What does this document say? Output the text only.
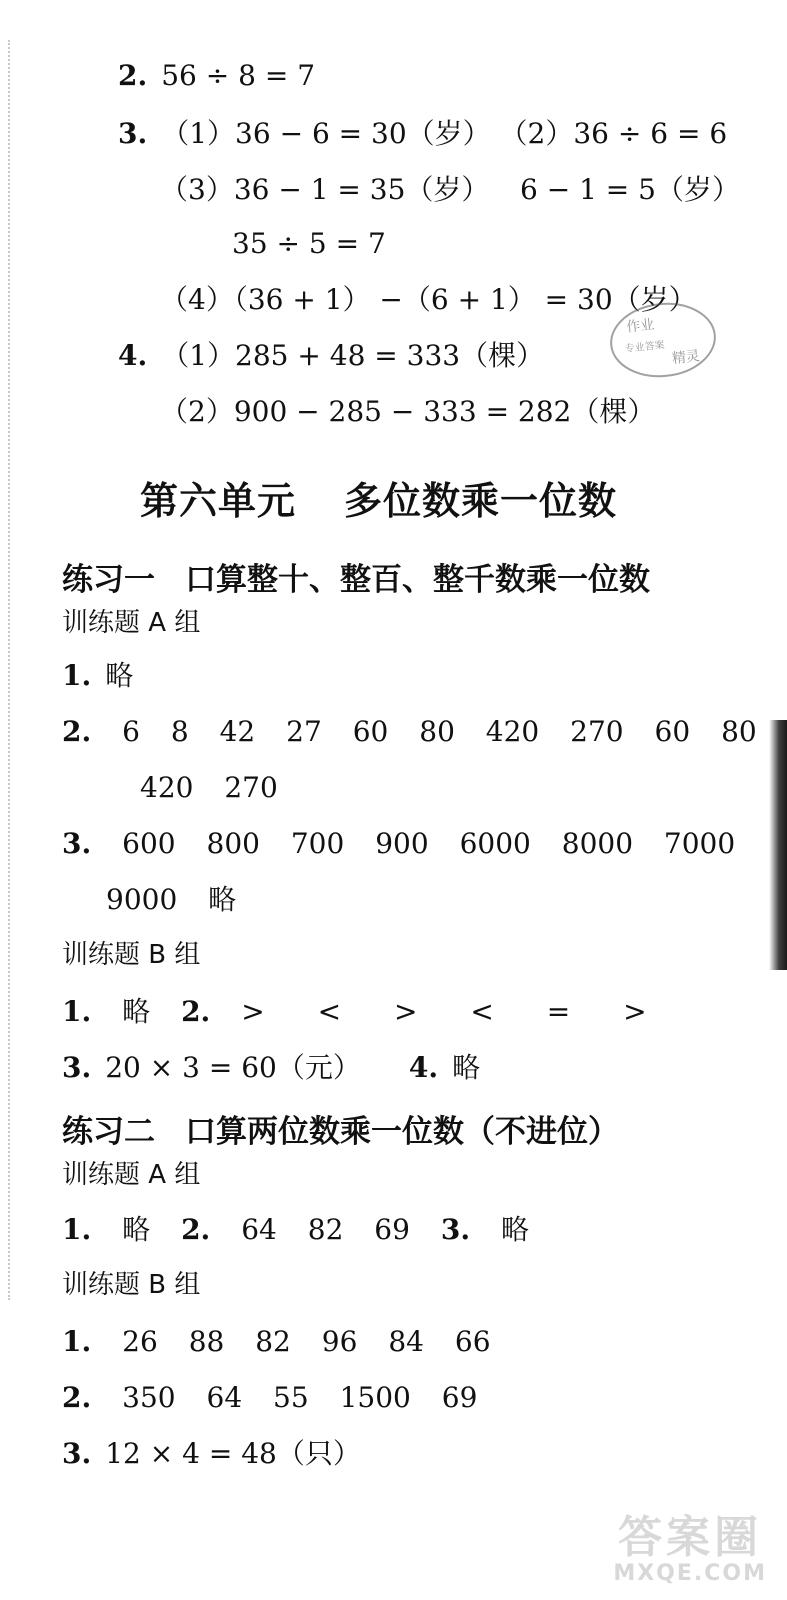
2. 56 ÷ 8 = 7
3. （1）36 − 6 = 30（岁） （2）36 ÷ 6 = 6
（3）36 − 1 = 35（岁） 6 − 1 = 5（岁）
35 ÷ 5 = 7
（4）（36 + 1） −（6 + 1） = 30（岁）
4. （1）285 + 48 = 333（棵）
（2）900 − 285 − 333 = 282（棵）
作业
专业答案
精灵
第六单元 多位数乘一位数
练习一 口算整十、整百、整千数乘一位数
训练题 A 组
1. 略
2. 6 8 42 27 60 80 420 270 60 80
420 270
3. 600 800 700 900 6000 8000 7000
9000 略
训练题 B 组
1. 略 2. > < > < = >
3. 20 × 3 = 60（元） 4. 略
练习二 口算两位数乘一位数（不进位）
训练题 A 组
1. 略 2. 64 82 69 3. 略
训练题 B 组
1. 26 88 82 96 84 66
2. 350 64 55 1500 69
3. 12 × 4 = 48（只）
答案圈
MXQE.COM
